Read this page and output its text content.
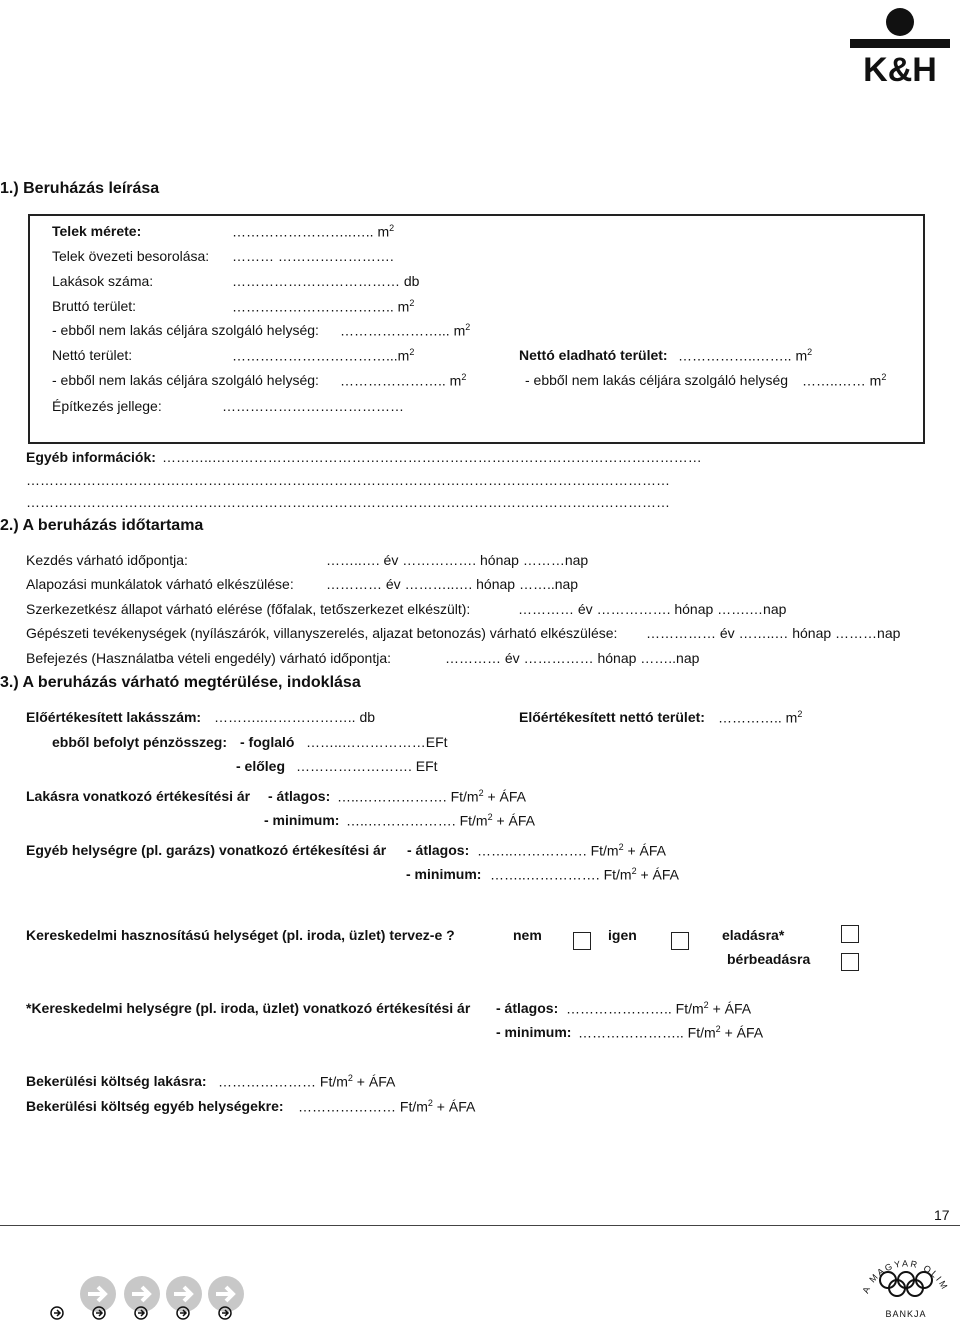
K&H
1.) Beruházás leírása
Telek mérete:	……………………..….. $m^2$
Telek övezeti besorolása: ……… …………………….
Lakások száma:	……………………………… db
Bruttó terület:	…………………………….. $m^2$
- ebből nem lakás céljára szolgáló helység: …………………... $m^2$
Nettó terület:	$\dots\dots\dots\dots\dots\dots\dots\dots\dots\dots\dots...m^2$	Nettó eladható terület: ……………..…….. $m^2$
- ebből nem lakás céljára szolgáló helység: ………………….. $m^2$	- ebből nem lakás céljára szolgáló helység ……..…… $m^2$
Építkezés jellege:	…………………………………
Egyéb információk: ………..……………………………………………………………………………………………
…………………………………………………………………………………………………………………………
…………………………………………………………………………………………………………………………
2.) A beruházás időtartama
Kezdés várható időpontja:	……..…. év ……………. hónap ………nap
Alapozási munkálatok várható elkészülése: ………… év ………..…. hónap ……..nap
Szerkezetkész állapot várható elérése (főfalak, tetőszerkezet elkészült):	………… év ……………. hónap …….…nap
Gépészeti tevékenységek (nyílászárók, villanyszerelés, aljazat betonozás) várható elkészülése: …………… év ……..… hónap ………nap
Befejezés (Használatba vételi engedély) várható időpontja:	………… év …………… hónap ……..nap
3.) A beruházás várható megtérülése, indoklása
Előértékesített lakásszám: ………..……………….. db	Előértékesített nettó terület: ………….. $m^2$
ebből befolyt pénzösszeg: - foglaló ……..………………EFt
- előleg ……………………. EFt
Lakásra vonatkozó értékesítési ár - átlagos: …..………………. $Ft/m^2$ + ÁFA
- minimum: …..………………. $Ft/m^2$ + ÁFA
Egyéb helységre (pl. garázs) vonatkozó értékesítési ár - átlagos: ……..……………. $Ft/m^2$ + ÁFA
- minimum: ……..……………. $Ft/m^2$ + ÁFA
Kereskedelmi hasznosítású helységet (pl. iroda, üzlet) tervez-e ?	nem	igen	eladásra*
bérbeadásra
*Kereskedelmi helységre (pl. iroda, üzlet) vonatkozó értékesítési ár - átlagos: ………………….. $Ft/m^2$ + ÁFA
- minimum: ………………….. $Ft/m^2$ + ÁFA
Bekerülési költség lakásra: ………………… $Ft/m^2$ + ÁFA
Bekerülési költség egyéb helységekre: ………………… $Ft/m^2$ + ÁFA
17
A MAGYAR OLIM
BANKJA
